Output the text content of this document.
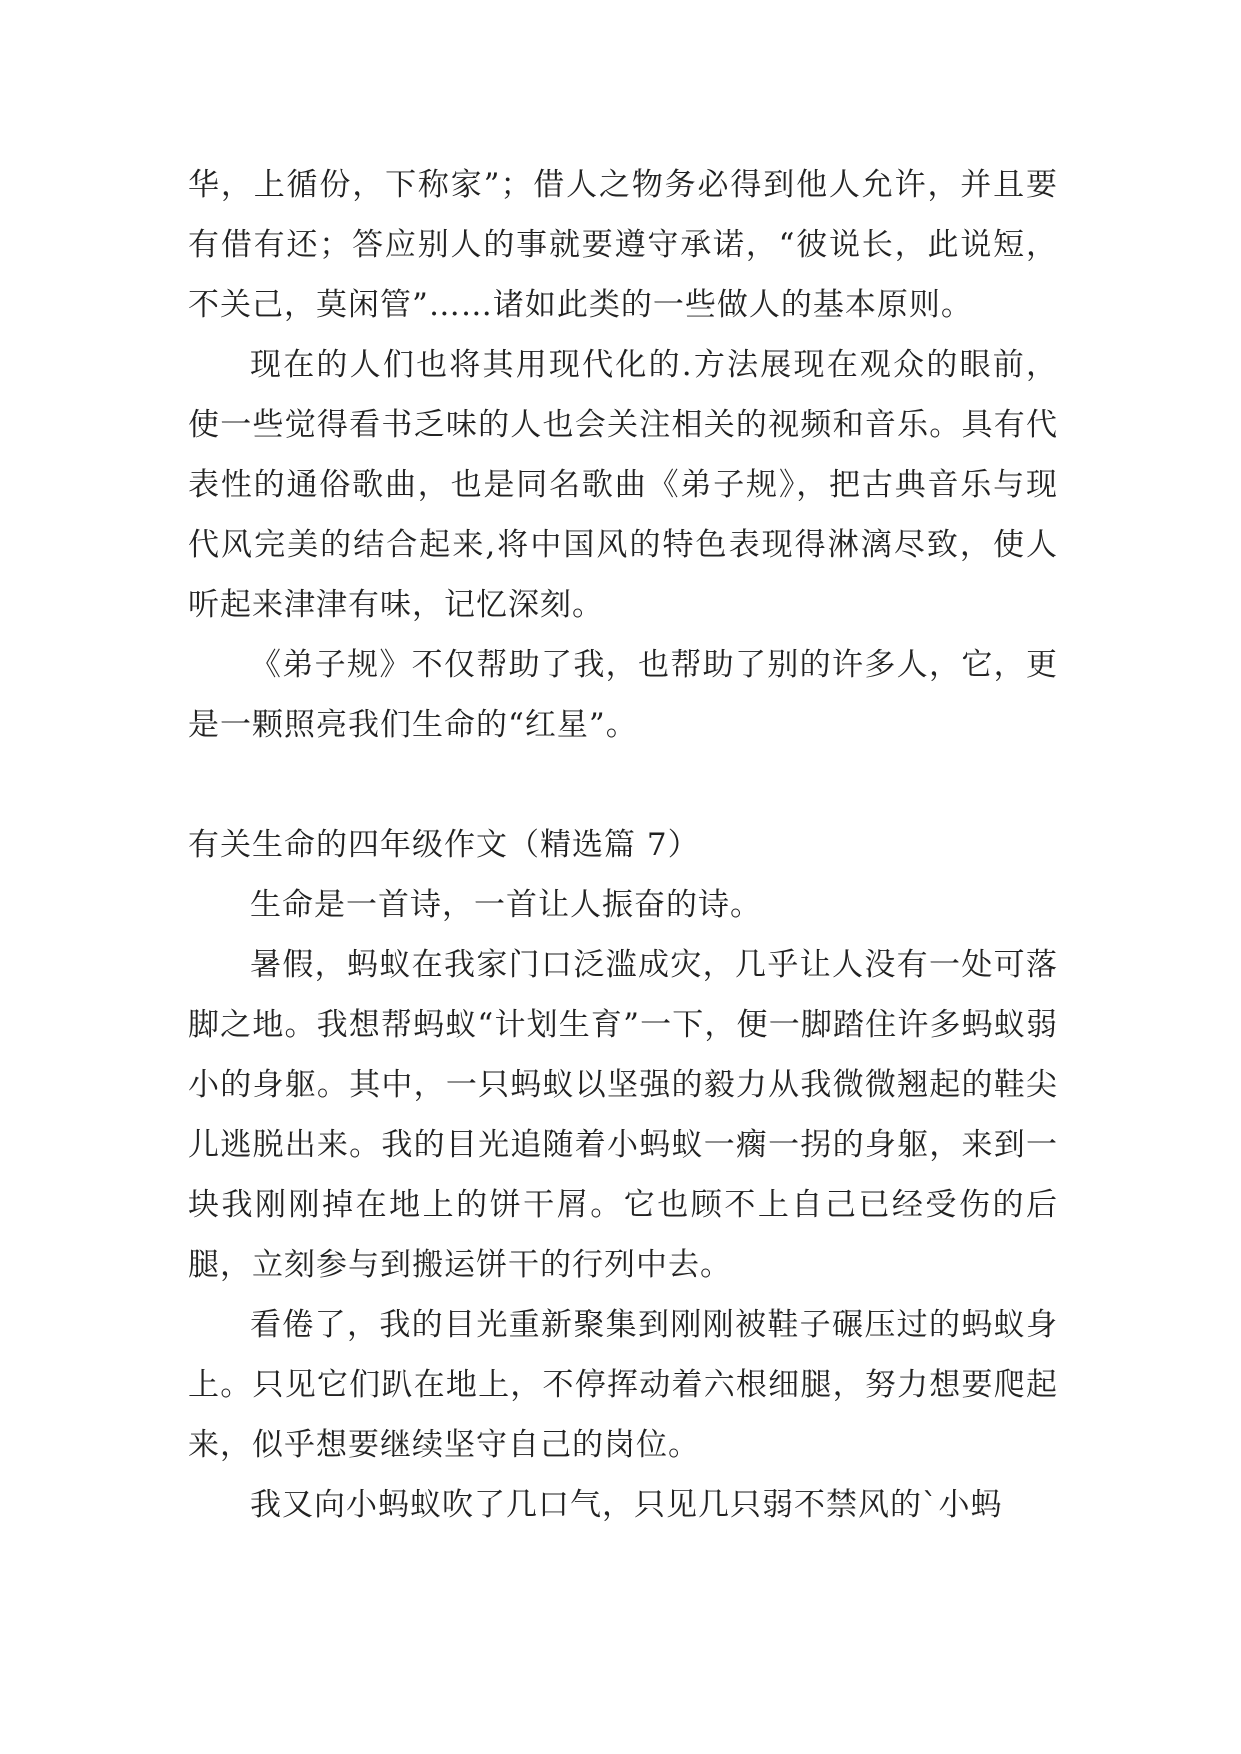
华，上循份，下称家”；借人之物务必得到他人允许，并且要有借有还；答应别人的事就要遵守承诺，“彼说长，此说短，不关己，莫闲管”……诸如此类的一些做人的基本原则。

现在的人们也将其用现代化的.方法展现在观众的眼前，使一些觉得看书乏味的人也会关注相关的视频和音乐。具有代表性的通俗歌曲，也是同名歌曲《弟子规》，把古典音乐与现代风完美的结合起来,将中国风的特色表现得淋漓尽致，使人听起来津津有味，记忆深刻。

《弟子规》不仅帮助了我，也帮助了别的许多人，它，更是一颗照亮我们生命的“红星”。

有关生命的四年级作文（精选篇 7）

生命是一首诗，一首让人振奋的诗。

暑假，蚂蚁在我家门口泛滥成灾，几乎让人没有一处可落脚之地。我想帮蚂蚁“计划生育”一下，便一脚踏住许多蚂蚁弱小的身躯。其中，一只蚂蚁以坚强的毅力从我微微翘起的鞋尖儿逃脱出来。我的目光追随着小蚂蚁一瘸一拐的身躯，来到一块我刚刚掉在地上的饼干屑。它也顾不上自己已经受伤的后腿，立刻参与到搬运饼干的行列中去。

看倦了，我的目光重新聚集到刚刚被鞋子碾压过的蚂蚁身上。只见它们趴在地上，不停挥动着六根细腿，努力想要爬起来，似乎想要继续坚守自己的岗位。

我又向小蚂蚁吹了几口气，只见几只弱不禁风的`小蚂
